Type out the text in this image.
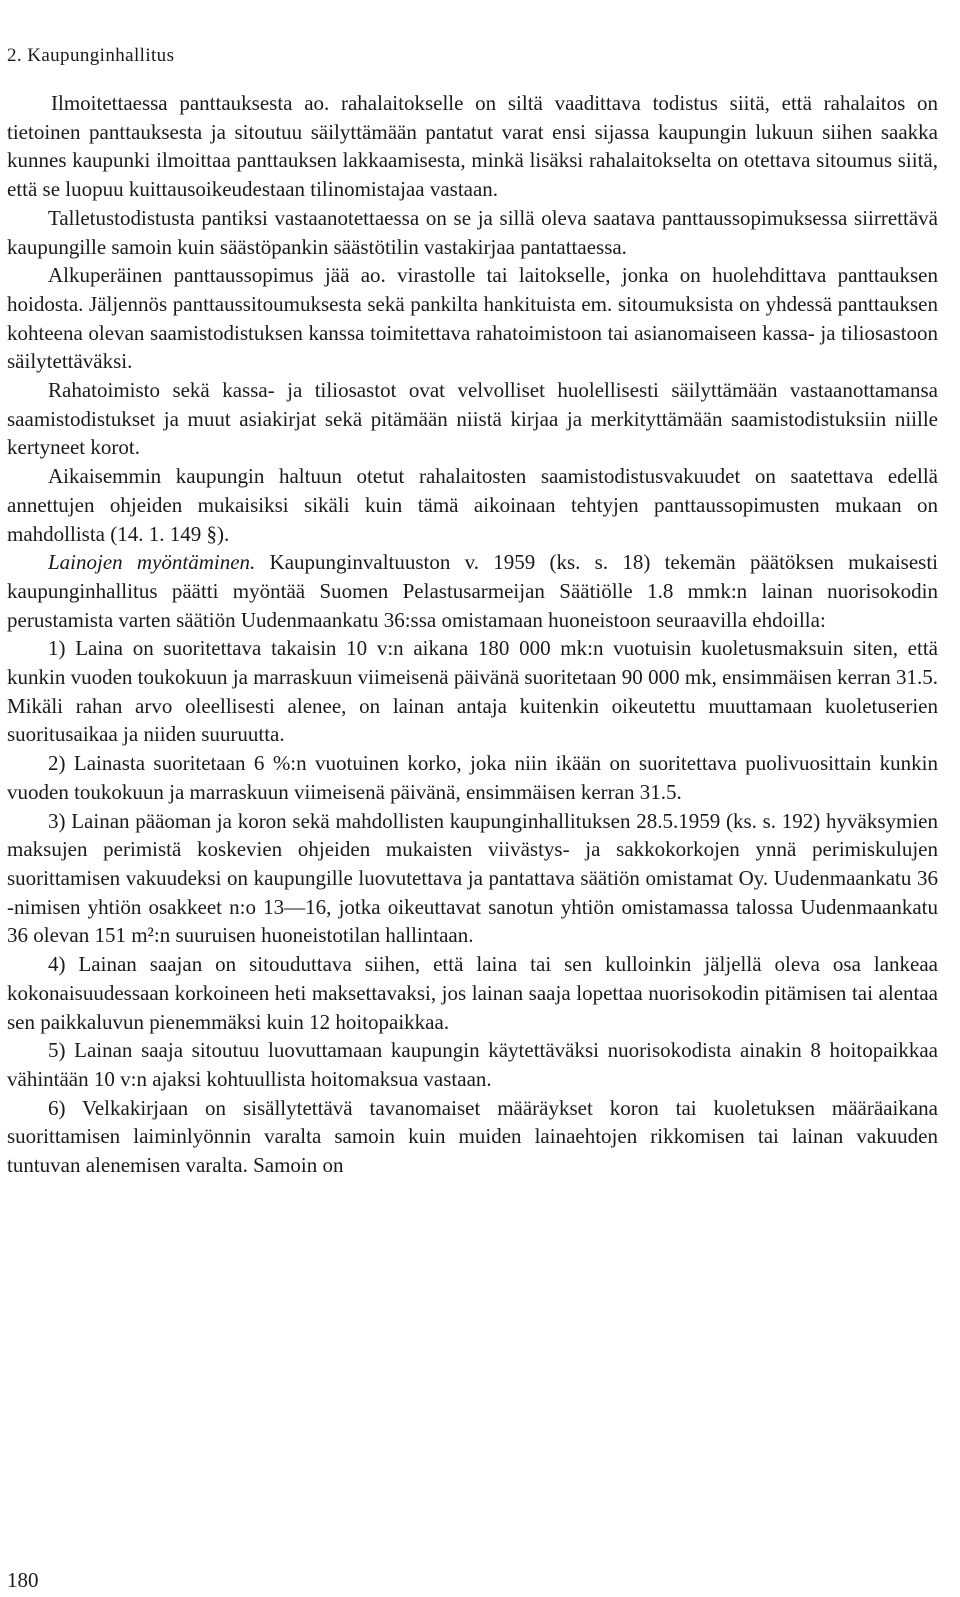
2. Kaupunginhallitus

Ilmoitettaessa panttauksesta ao. rahalaitokselle on siltä vaadittava todistus siitä, että rahalaitos on tietoinen panttauksesta ja sitoutuu säilyttämään pantatut varat ensi sijassa kaupungin lukuun siihen saakka kunnes kaupunki ilmoittaa panttauksen lakkaamisesta, minkä lisäksi rahalaitokselta on otettava sitoumus siitä, että se luopuu kuittausoikeudestaan tilinomistajaa vastaan.

Talletustodistusta pantiksi vastaanotettaessa on se ja sillä oleva saatava panttaussopimuksessa siirrettävä kaupungille samoin kuin säästöpankin säästötilin vastakirjaa pantattaessa.

Alkuperäinen panttaussopimus jää ao. virastolle tai laitokselle, jonka on huolehdittava panttauksen hoidosta. Jäljennös panttaussitoumuksesta sekä pankilta hankituista em. sitoumuksista on yhdessä panttauksen kohteena olevan saamistodistuksen kanssa toimitettava rahatoimistoon tai asianomaiseen kassa- ja tiliosastoon säilytettäväksi.

Rahatoimisto sekä kassa- ja tiliosastot ovat velvolliset huolellisesti säilyttämään vastaanottamansa saamistodistukset ja muut asiakirjat sekä pitämään niistä kirjaa ja merkityttämään saamistodistuksiin niille kertyneet korot.

Aikaisemmin kaupungin haltuun otetut rahalaitosten saamistodistusvakuudet on saatettava edellä annettujen ohjeiden mukaisiksi sikäli kuin tämä aikoinaan tehtyjen panttaussopimusten mukaan on mahdollista (14. 1. 149 §).

Lainojen myöntäminen. Kaupunginvaltuuston v. 1959 (ks. s. 18) tekemän päätöksen mukaisesti kaupunginhallitus päätti myöntää Suomen Pelastusarmeijan Säätiölle 1.8 mmk:n lainan nuorisokodin perustamista varten säätiön Uudenmaankatu 36:ssa omistamaan huoneistoon seuraavilla ehdoilla:

1) Laina on suoritettava takaisin 10 v:n aikana 180 000 mk:n vuotuisin kuoletusmaksuin siten, että kunkin vuoden toukokuun ja marraskuun viimeisenä päivänä suoritetaan 90 000 mk, ensimmäisen kerran 31.5. Mikäli rahan arvo oleellisesti alenee, on lainan antaja kuitenkin oikeutettu muuttamaan kuoletuserien suoritusaikaa ja niiden suuruutta.

2) Lainasta suoritetaan 6 %:n vuotuinen korko, joka niin ikään on suoritettava puolivuosittain kunkin vuoden toukokuun ja marraskuun viimeisenä päivänä, ensimmäisen kerran 31.5.

3) Lainan pääoman ja koron sekä mahdollisten kaupunginhallituksen 28.5.1959 (ks. s. 192) hyväksymien maksujen perimistä koskevien ohjeiden mukaisten viivästys- ja sakkokorkojen ynnä perimiskulujen suorittamisen vakuudeksi on kaupungille luovutettava ja pantattava säätiön omistamat Oy. Uudenmaankatu 36 -nimisen yhtiön osakkeet n:o 13—16, jotka oikeuttavat sanotun yhtiön omistamassa talossa Uudenmaankatu 36 olevan 151 m²:n suuruisen huoneistotilan hallintaan.

4) Lainan saajan on sitouduttava siihen, että laina tai sen kulloinkin jäljellä oleva osa lankeaa kokonaisuudessaan korkoineen heti maksettavaksi, jos lainan saaja lopettaa nuorisokodin pitämisen tai alentaa sen paikkaluvun pienemmäksi kuin 12 hoitopaikkaa.

5) Lainan saaja sitoutuu luovuttamaan kaupungin käytettäväksi nuorisokodista ainakin 8 hoitopaikkaa vähintään 10 v:n ajaksi kohtuullista hoitomaksua vastaan.

6) Velkakirjaan on sisällytettävä tavanomaiset määräykset koron tai kuoletuksen määräaikana suorittamisen laiminlyönnin varalta samoin kuin muiden lainaehtojen rikkomisen tai lainan vakuuden tuntuvan alenemisen varalta. Samoin on

180
